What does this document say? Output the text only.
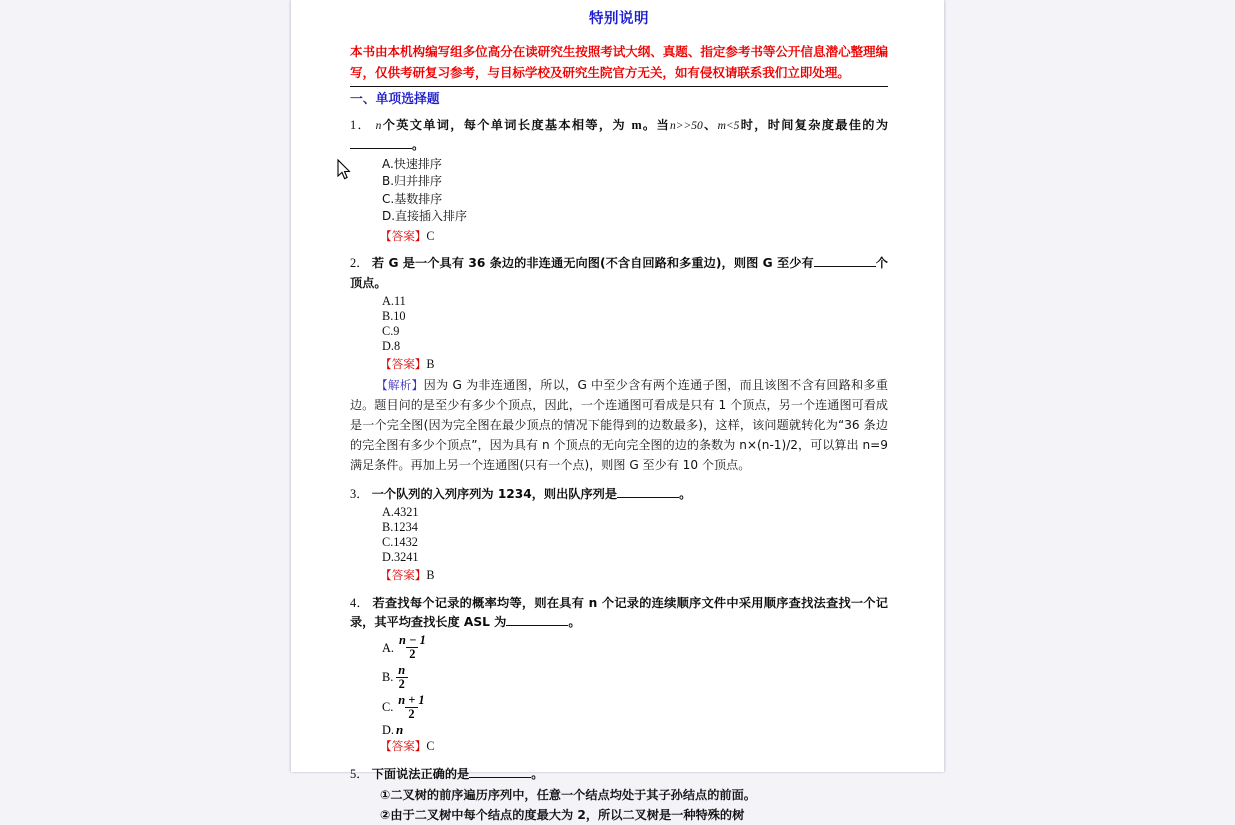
特别说明

本书由本机构编写组多位高分在读研究生按照考试大纲、真题、指定参考书等公开信息潜心整理编写，仅供考研复习参考，与目标学校及研究生院官方无关，如有侵权请联系我们立即处理。

一、单项选择题
1． n个英文单词，每个单词长度基本相等，为 m。当n>>50、m<5时，时间复杂度最佳的为。
A.快速排序
B.归并排序
C.基数排序
D.直接插入排序
【答案】C
2． 若 G 是一个具有 36 条边的非连通无向图(不含自回路和多重边)，则图 G 至少有	个顶点。
A.11
B.10
C.9
D.8
【答案】B

【解析】因为 G 为非连通图，所以，G 中至少含有两个连通子图，而且该图不含有回路和多重边。题目问的是至少有多少个顶点，因此，一个连通图可看成是只有 1 个顶点，另一个连通图可看成是一个完全图(因为完全图在最少顶点的情况下能得到的边数最多)，这样，该问题就转化为“36 条边的完全图有多少个顶点”，因为具有 n 个顶点的无向完全图的边的条数为 n×(n-1)/2，可以算出 n=9 满足条件。再加上另一个连通图(只有一个点)，则图 G 至少有 10 个顶点。

3． 一个队列的入列序列为 1234，则出队序列是	。
A.4321
B.1234
C.1432
D.3241
【答案】B
4． 若查找每个记录的概率均等，则在具有 n 个记录的连续顺序文件中采用顺序查找法查找一个记录，其平均查找长度 ASL 为	。
A. $\frac{n - 1}{2}$
B. $\frac{n}{2}$
C. $\frac{n + 1}{2}$
D. n
【答案】C
5． 下面说法正确的是	。
①二叉树的前序遍历序列中，任意一个结点均处于其子孙结点的前面。
②由于二叉树中每个结点的度最大为 2，所以二叉树是一种特殊的树
